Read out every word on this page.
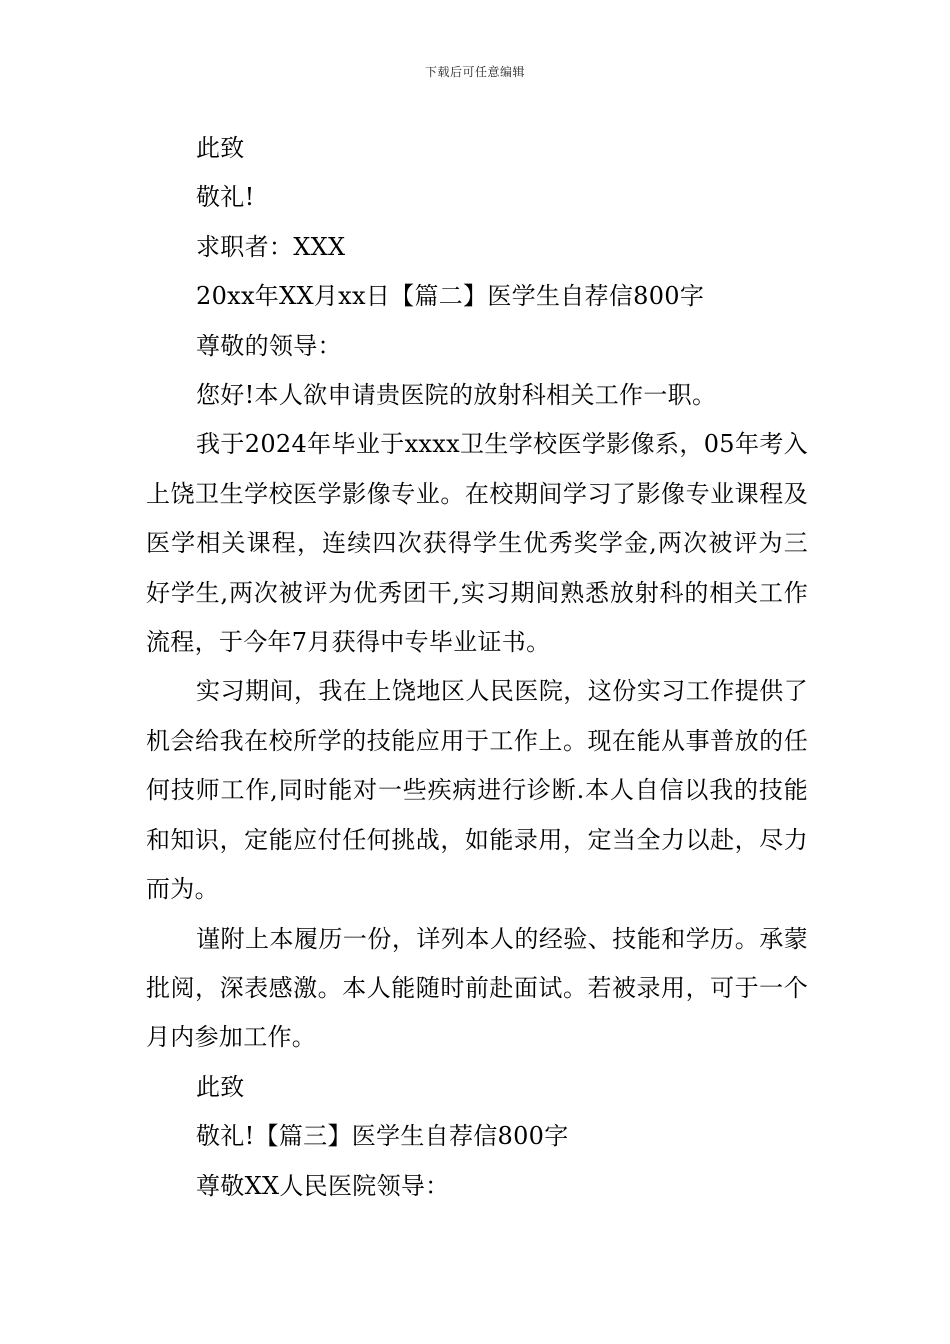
下载后可任意编辑

此致

敬礼!

求职者：XXX

20xx年XX月xx日【篇二】医学生自荐信800字

尊敬的领导：

您好!本人欲申请贵医院的放射科相关工作一职。

我于2024年毕业于xxxx卫生学校医学影像系，05年考入上饶卫生学校医学影像专业。在校期间学习了影像专业课程及医学相关课程，连续四次获得学生优秀奖学金,两次被评为三好学生,两次被评为优秀团干,实习期间熟悉放射科的相关工作流程，于今年7月获得中专毕业证书。

实习期间，我在上饶地区人民医院，这份实习工作提供了机会给我在校所学的技能应用于工作上。现在能从事普放的任何技师工作,同时能对一些疾病进行诊断.本人自信以我的技能和知识，定能应付任何挑战，如能录用，定当全力以赴，尽力而为。

谨附上本履历一份，详列本人的经验、技能和学历。承蒙批阅，深表感激。本人能随时前赴面试。若被录用，可于一个月内参加工作。

此致

敬礼!【篇三】医学生自荐信800字

尊敬XX人民医院领导：
